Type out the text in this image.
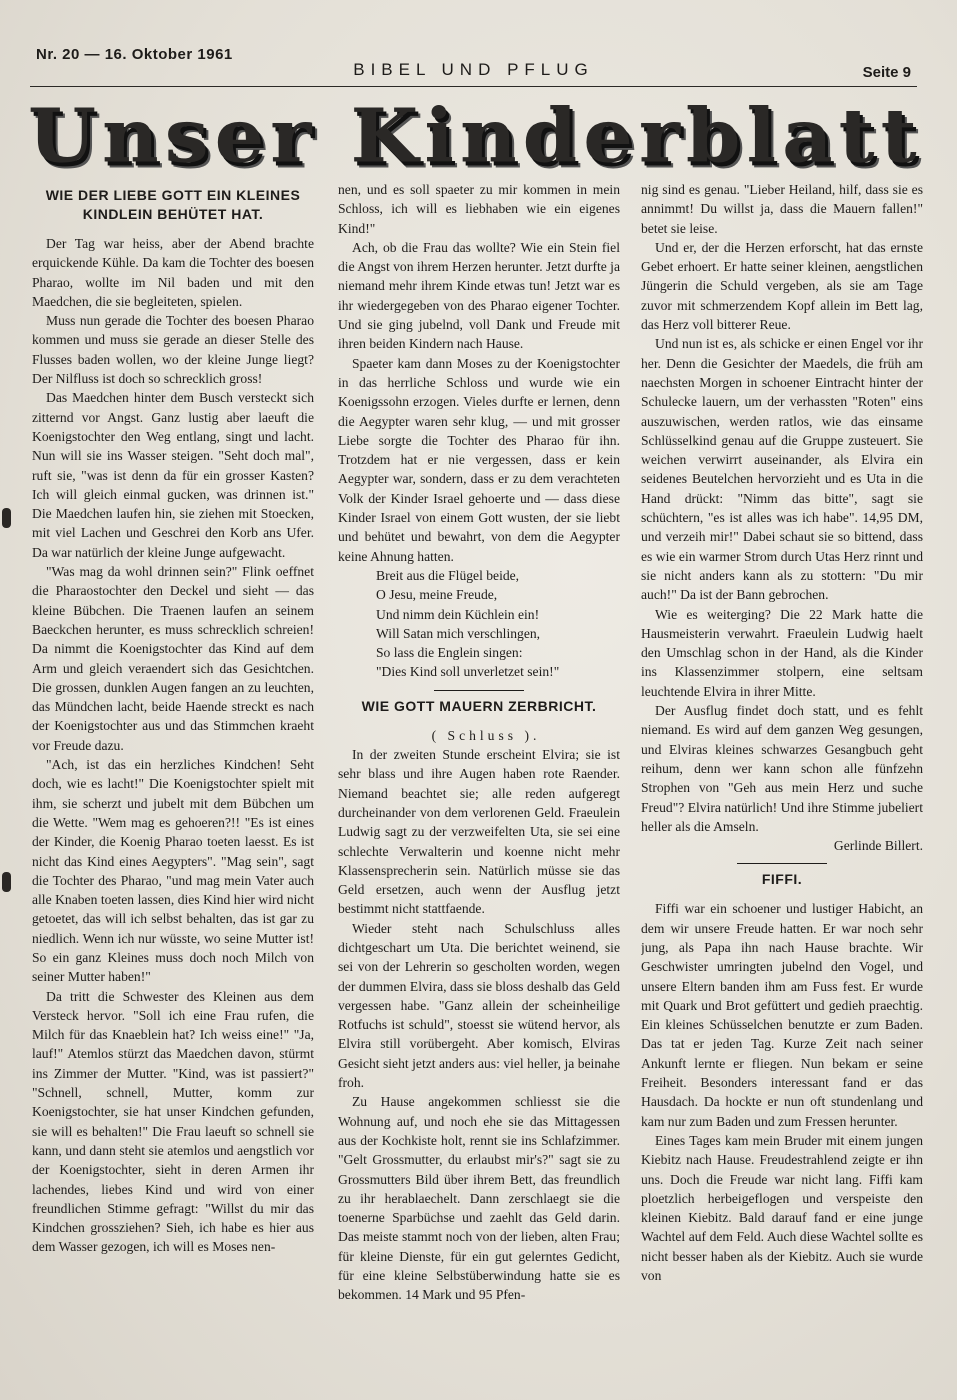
Nr. 20 — 16. Oktober 1961
BIBEL UND PFLUG	Seite 9
Unser Kinderblatt
WIE DER LIEBE GOTT EIN KLEINES KINDLEIN BEHÜTET HAT.

Der Tag war heiss, aber der Abend brachte erquickende Kühle. Da kam die Tochter des boesen Pharao, wollte im Nil baden und mit den Maedchen, die sie begleiteten, spielen.

Muss nun gerade die Tochter des boesen Pharao kommen und muss sie gerade an dieser Stelle des Flusses baden wollen, wo der kleine Junge liegt? Der Nilfluss ist doch so schrecklich gross!

Das Maedchen hinter dem Busch versteckt sich zitternd vor Angst. Ganz lustig aber laeuft die Koenigstochter den Weg entlang, singt und lacht. Nun will sie ins Wasser steigen. "Seht doch mal", ruft sie, "was ist denn da für ein grosser Kasten? Ich will gleich einmal gucken, was drinnen ist." Die Maedchen laufen hin, sie ziehen mit Stoecken, mit viel Lachen und Geschrei den Korb ans Ufer. Da war natürlich der kleine Junge aufgewacht.

"Was mag da wohl drinnen sein?" Flink oeffnet die Pharaostochter den Deckel und sieht — das kleine Bübchen. Die Traenen laufen an seinem Baeckchen herunter, es muss schrecklich schreien! Da nimmt die Koenigstochter das Kind auf dem Arm und gleich veraendert sich das Gesichtchen. Die grossen, dunklen Augen fangen an zu leuchten, das Mündchen lacht, beide Haende streckt es nach der Koenigstochter aus und das Stimmchen kraeht vor Freude dazu.

"Ach, ist das ein herzliches Kindchen! Seht doch, wie es lacht!" Die Koenigstochter spielt mit ihm, sie scherzt und jubelt mit dem Bübchen um die Wette. "Wem mag es gehoeren?!! "Es ist eines der Kinder, die Koenig Pharao toeten laesst. Es ist nicht das Kind eines Aegypters". "Mag sein", sagt die Tochter des Pharao, "und mag mein Vater auch alle Knaben toeten lassen, dies Kind hier wird nicht getoetet, das will ich selbst behalten, das ist gar zu niedlich. Wenn ich nur wüsste, wo seine Mutter ist! So ein ganz Kleines muss doch noch Milch von seiner Mutter haben!"

Da tritt die Schwester des Kleinen aus dem Versteck hervor. "Soll ich eine Frau rufen, die Milch für das Knaeblein hat? Ich weiss eine!" "Ja, lauf!" Atemlos stürzt das Maedchen davon, stürmt ins Zimmer der Mutter. "Kind, was ist passiert?" "Schnell, schnell, Mutter, komm zur Koenigstochter, sie hat unser Kindchen gefunden, sie will es behalten!" Die Frau laeuft so schnell sie kann, und dann steht sie atemlos und aengstlich vor der Koenigstochter, sieht in deren Armen ihr lachendes, liebes Kind und wird von einer freundlichen Stimme gefragt: "Willst du mir das Kindchen grossziehen? Sieh, ich habe es hier aus dem Wasser gezogen, ich will es Moses nen-

nen, und es soll spaeter zu mir kommen in mein Schloss, ich will es liebhaben wie ein eigenes Kind!"

Ach, ob die Frau das wollte? Wie ein Stein fiel die Angst von ihrem Herzen herunter. Jetzt durfte ja niemand mehr ihrem Kinde etwas tun! Jetzt war es ihr wiedergegeben von des Pharao eigener Tochter. Und sie ging jubelnd, voll Dank und Freude mit ihren beiden Kindern nach Hause.

Spaeter kam dann Moses zu der Koenigstochter in das herrliche Schloss und wurde wie ein Koenigssohn erzogen. Vieles durfte er lernen, denn die Aegypter waren sehr klug, — und mit grosser Liebe sorgte die Tochter des Pharao für ihn. Trotzdem hat er nie vergessen, dass er kein Aegypter war, sondern, dass er zu dem verachteten Volk der Kinder Israel gehoerte und — dass diese Kinder Israel von einem Gott wusten, der sie liebt und behütet und bewahrt, von dem die Aegypter keine Ahnung hatten.

Breit aus die Flügel beide,

O Jesu, meine Freude,

Und nimm dein Küchlein ein!

Will Satan mich verschlingen,

So lass die Englein singen:

"Dies Kind soll unverletzet sein!"

WIE GOTT MAUERN ZERBRICHT.

( Schluss ).

In der zweiten Stunde erscheint Elvira; sie ist sehr blass und ihre Augen haben rote Raender. Niemand beachtet sie; alle reden aufgeregt durcheinander von dem verlorenen Geld. Fraeulein Ludwig sagt zu der verzweifelten Uta, sie sei eine schlechte Verwalterin und koenne nicht mehr Klassensprecherin sein. Natürlich müsse sie das Geld ersetzen, auch wenn der Ausflug jetzt bestimmt nicht stattfaende.

Wieder steht nach Schulschluss alles dichtgeschart um Uta. Die berichtet weinend, sie sei von der Lehrerin so gescholten worden, wegen der dummen Elvira, dass sie bloss deshalb das Geld vergessen habe. "Ganz allein der scheinheilige Rotfuchs ist schuld", stoesst sie wütend hervor, als Elvira still vorübergeht. Aber komisch, Elviras Gesicht sieht jetzt anders aus: viel heller, ja beinahe froh.

Zu Hause angekommen schliesst sie die Wohnung auf, und noch ehe sie das Mittagessen aus der Kochkiste holt, rennt sie ins Schlafzimmer. "Gelt Grossmutter, du erlaubst mir's?" sagt sie zu Grossmutters Bild über ihrem Bett, das freundlich zu ihr herablaechelt. Dann zerschlaegt sie die toenerne Sparbüchse und zaehlt das Geld darin. Das meiste stammt noch von der lieben, alten Frau; für kleine Dienste, für ein gut gelerntes Gedicht, für eine kleine Selbstüberwindung hatte sie es bekommen. 14 Mark und 95 Pfen-

nig sind es genau. "Lieber Heiland, hilf, dass sie es annimmt! Du willst ja, dass die Mauern fallen!" betet sie leise.

Und er, der die Herzen erforscht, hat das ernste Gebet erhoert. Er hatte seiner kleinen, aengstlichen Jüngerin die Schuld vergeben, als sie am Tage zuvor mit schmerzendem Kopf allein im Bett lag, das Herz voll bitterer Reue.

Und nun ist es, als schicke er einen Engel vor ihr her. Denn die Gesichter der Maedels, die früh am naechsten Morgen in schoener Eintracht hinter der Schulecke lauern, um der verhassten "Roten" eins auszuwischen, werden ratlos, wie das einsame Schlüsselkind genau auf die Gruppe zusteuert. Sie weichen verwirrt auseinander, als Elvira ein seidenes Beutelchen hervorzieht und es Uta in die Hand drückt: "Nimm das bitte", sagt sie schüchtern, "es ist alles was ich habe". 14,95 DM, und verzeih mir!" Dabei schaut sie so bittend, dass es wie ein warmer Strom durch Utas Herz rinnt und sie nicht anders kann als zu stottern: "Du mir auch!" Da ist der Bann gebrochen.

Wie es weiterging? Die 22 Mark hatte die Hausmeisterin verwahrt. Fraeulein Ludwig haelt den Umschlag schon in der Hand, als die Kinder ins Klassenzimmer stolpern, eine seltsam leuchtende Elvira in ihrer Mitte.

Der Ausflug findet doch statt, und es fehlt niemand. Es wird auf dem ganzen Weg gesungen, und Elviras kleines schwarzes Gesangbuch geht reihum, denn wer kann schon alle fünfzehn Strophen von "Geh aus mein Herz und suche Freud"? Elvira natürlich! Und ihre Stimme jubeliert heller als die Amseln.

Gerlinde Billert.

FIFFI.

Fiffi war ein schoener und lustiger Habicht, an dem wir unsere Freude hatten. Er war noch sehr jung, als Papa ihn nach Hause brachte. Wir Geschwister umringten jubelnd den Vogel, und unsere Eltern banden ihm am Fuss fest. Er wurde mit Quark und Brot gefüttert und gedieh praechtig. Ein kleines Schüsselchen benutzte er zum Baden. Das tat er jeden Tag. Kurze Zeit nach seiner Ankunft lernte er fliegen. Nun bekam er seine Freiheit. Besonders interessant fand er das Hausdach. Da hockte er nun oft stundenlang und kam nur zum Baden und zum Fressen herunter.

Eines Tages kam mein Bruder mit einem jungen Kiebitz nach Hause. Freudestrahlend zeigte er ihn uns. Doch die Freude war nicht lang. Fiffi kam ploetzlich herbeigeflogen und verspeiste den kleinen Kiebitz. Bald darauf fand er eine junge Wachtel auf dem Feld. Auch diese Wachtel sollte es nicht besser haben als der Kiebitz. Auch sie wurde von
